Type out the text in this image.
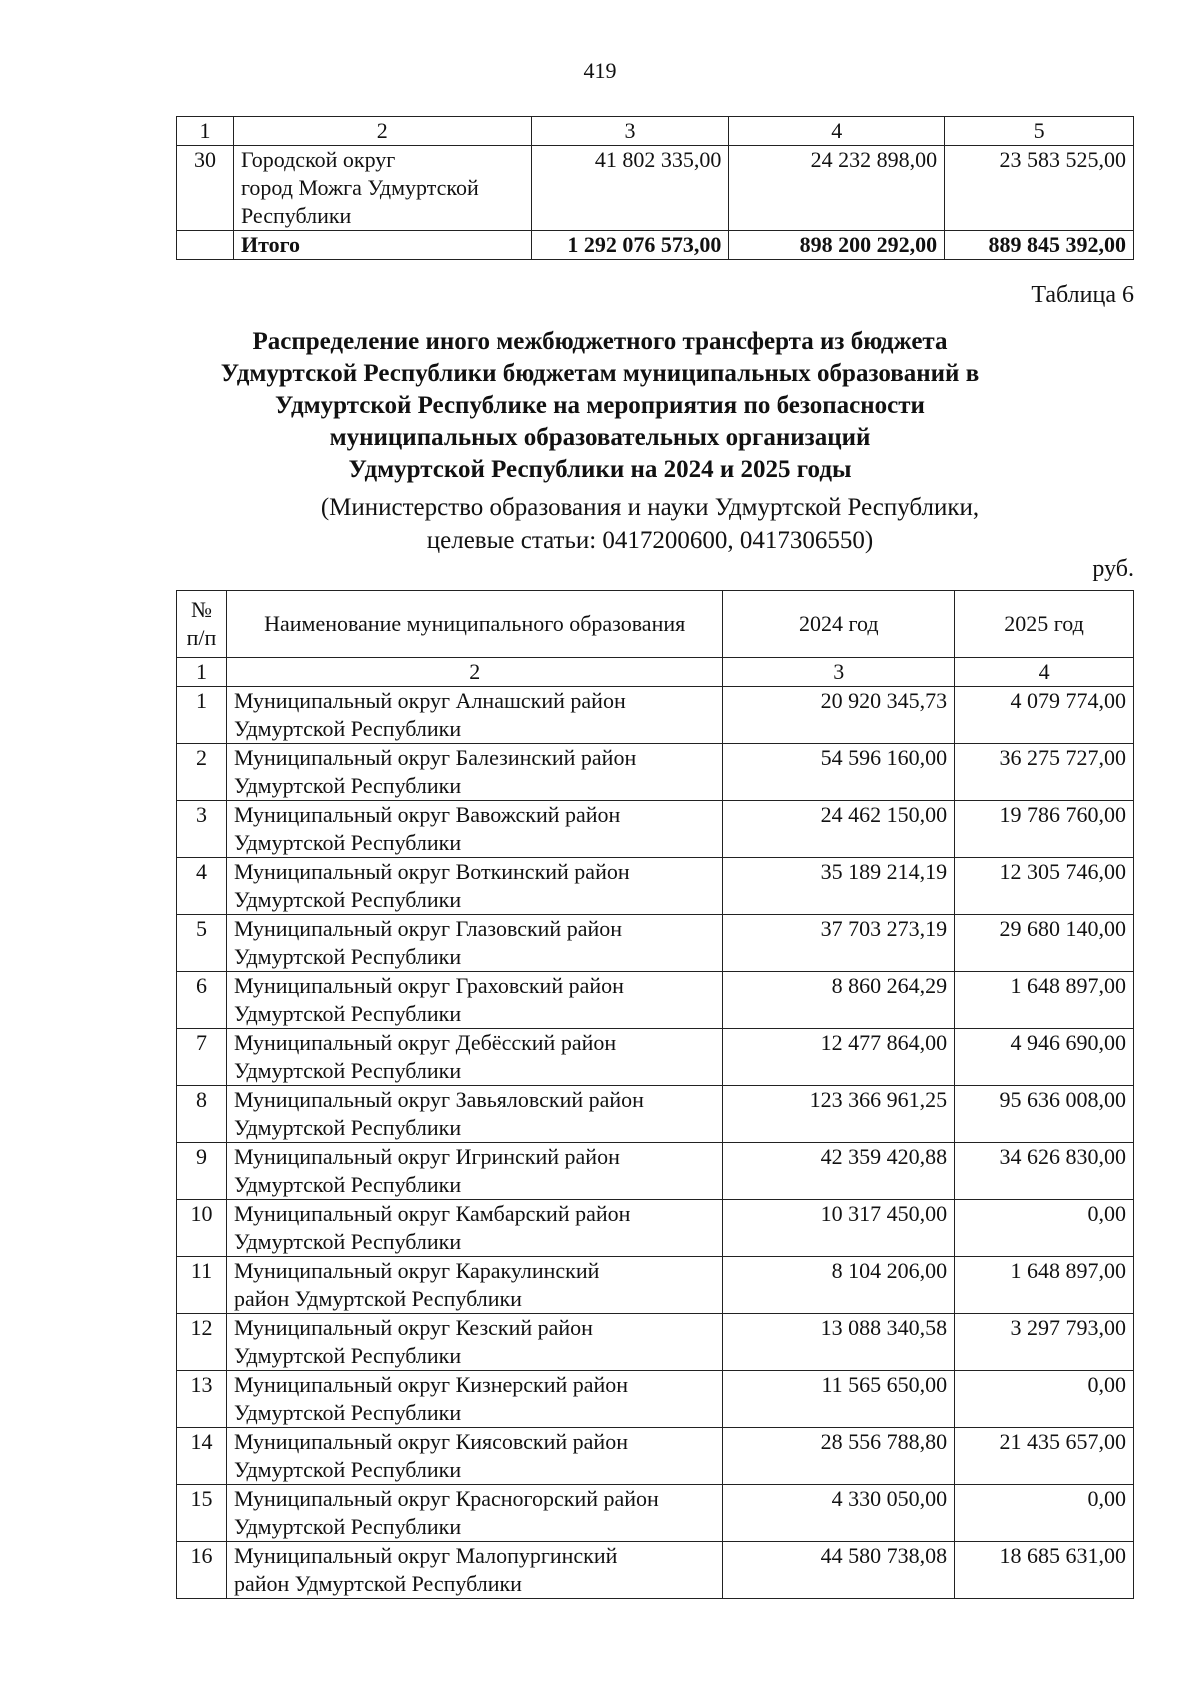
419
1	2	3	4	5
30	Городской округ
город Можга Удмуртской
Республики	41 802 335,00	24 232 898,00	23 583 525,00
	Итого	1 292 076 573,00	898 200 292,00	889 845 392,00
Таблица 6
Распределение иного межбюджетного трансферта из бюджета
Удмуртской Республики бюджетам муниципальных образований в
Удмуртской Республике на мероприятия по безопасности
муниципальных образовательных организаций
Удмуртской Республики на 2024 и 2025 годы
(Министерство образования и науки Удмуртской Республики,
целевые статьи: 0417200600, 0417306550)
руб.
№
п/п	Наименование муниципального образования	2024 год	2025 год
1	2	3	4
1	Муниципальный округ Алнашский район
Удмуртской Республики	20 920 345,73	4 079 774,00
2	Муниципальный округ Балезинский район
Удмуртской Республики	54 596 160,00	36 275 727,00
3	Муниципальный округ Вавожский район
Удмуртской Республики	24 462 150,00	19 786 760,00
4	Муниципальный округ Воткинский район
Удмуртской Республики	35 189 214,19	12 305 746,00
5	Муниципальный округ Глазовский район
Удмуртской Республики	37 703 273,19	29 680 140,00
6	Муниципальный округ Граховский район
Удмуртской Республики	8 860 264,29	1 648 897,00
7	Муниципальный округ Дебёсский район
Удмуртской Республики	12 477 864,00	4 946 690,00
8	Муниципальный округ Завьяловский район
Удмуртской Республики	123 366 961,25	95 636 008,00
9	Муниципальный округ Игринский район
Удмуртской Республики	42 359 420,88	34 626 830,00
10	Муниципальный округ Камбарский район
Удмуртской Республики	10 317 450,00	0,00
11	Муниципальный округ Каракулинский
район Удмуртской Республики	8 104 206,00	1 648 897,00
12	Муниципальный округ Кезский район
Удмуртской Республики	13 088 340,58	3 297 793,00
13	Муниципальный округ Кизнерский район
Удмуртской Республики	11 565 650,00	0,00
14	Муниципальный округ Киясовский район
Удмуртской Республики	28 556 788,80	21 435 657,00
15	Муниципальный округ Красногорский район
Удмуртской Республики	4 330 050,00	0,00
16	Муниципальный округ Малопургинский
район Удмуртской Республики	44 580 738,08	18 685 631,00
